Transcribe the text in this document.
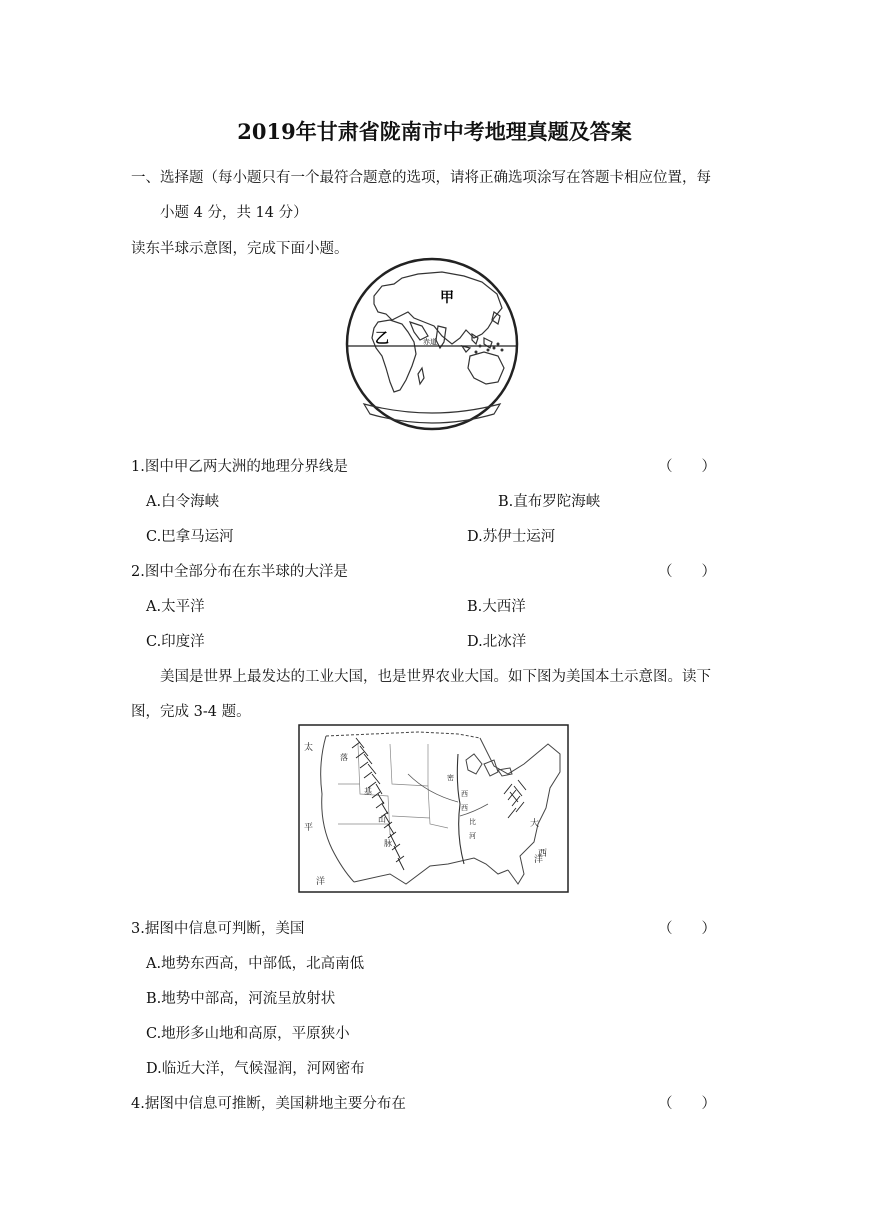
2019年甘肃省陇南市中考地理真题及答案
一、选择题（每小题只有一个最符合题意的选项，请将正确选项涂写在答题卡相应位置，每
小题 4 分，共 14 分）
读东半球示意图，完成下面小题。
甲
乙	赤道
1.图中甲乙两大洲的地理分界线是	（　　）
A.白令海峡	B.直布罗陀海峡
C.巴拿马运河	D.苏伊士运河
2.图中全部分布在东半球的大洋是	（　　）
A.太平洋	B.大西洋
C.印度洋	D.北冰洋
美国是世界上最发达的工业大国，也是世界农业大国。如下图为美国本土示意图。读下
图，完成 3-4 题。
太
平
洋
大
西
洋
落
基
山
脉
密
西
西
比
河
3.据图中信息可判断，美国	（　　）
A.地势东西高，中部低，北高南低
B.地势中部高，河流呈放射状
C.地形多山地和高原，平原狭小
D.临近大洋，气候湿润，河网密布
4.据图中信息可推断，美国耕地主要分布在	（　　）
